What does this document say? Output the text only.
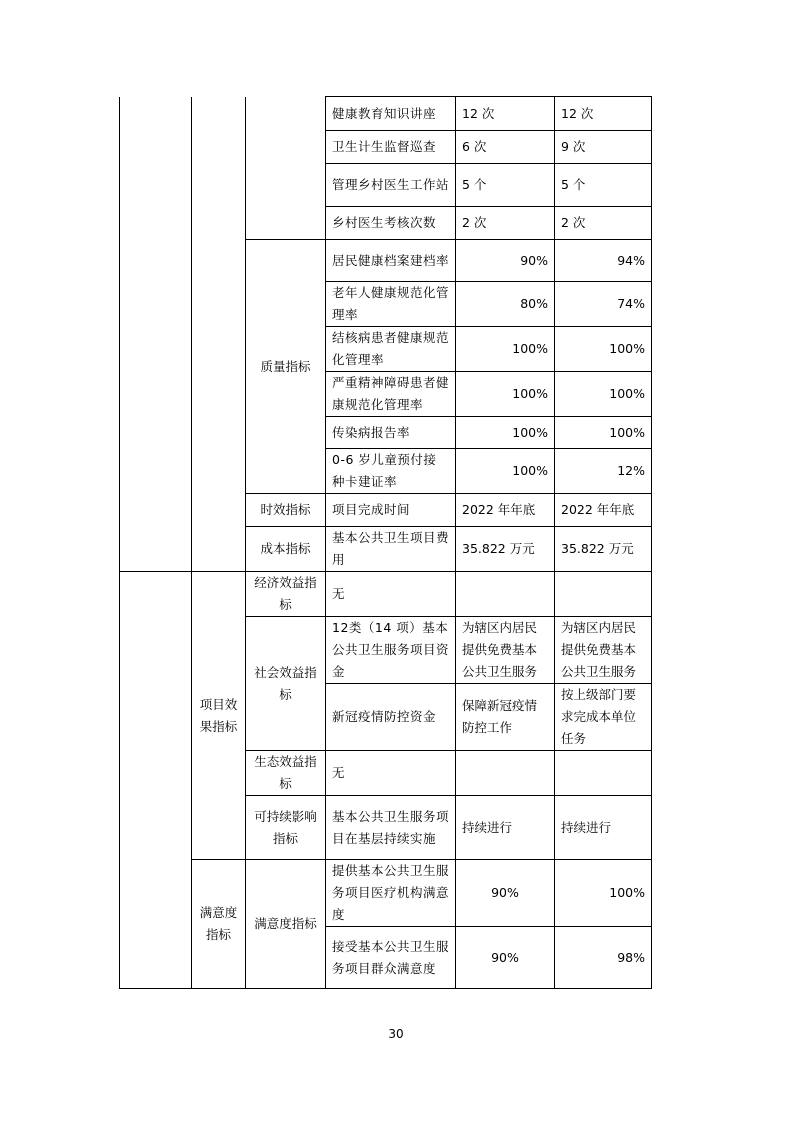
			健康教育知识讲座	12 次	12 次
			卫生计生监督巡查	6 次	9 次
			管理乡村医生工作站	5 个	5 个
			乡村医生考核次数	2 次	2 次
		质量指标	居民健康档案建档率	90%	94%
			老年人健康规范化管理率	80%	74%
			结核病患者健康规范化管理率	100%	100%
			严重精神障碍患者健康规范化管理率	100%	100%
			传染病报告率	100%	100%
			0-6 岁儿童预付接种卡建证率	100%	12%
		时效指标	项目完成时间	2022 年年底	2022 年年底
		成本指标	基本公共卫生项目费用	35.822 万元	35.822 万元
	项目效果指标	经济效益指标	无		
		社会效益指标	12类（14 项）基本公共卫生服务项目资金	为辖区内居民提供免费基本公共卫生服务	为辖区内居民提供免费基本公共卫生服务
			新冠疫情防控资金	保障新冠疫情防控工作	按上级部门要求完成本单位任务
		生态效益指标	无		
		可持续影响指标	基本公共卫生服务项目在基层持续实施	持续进行	持续进行
	满意度指标	满意度指标	提供基本公共卫生服务项目医疗机构满意度	90%	100%
			接受基本公共卫生服务项目群众满意度	90%	98%
30
